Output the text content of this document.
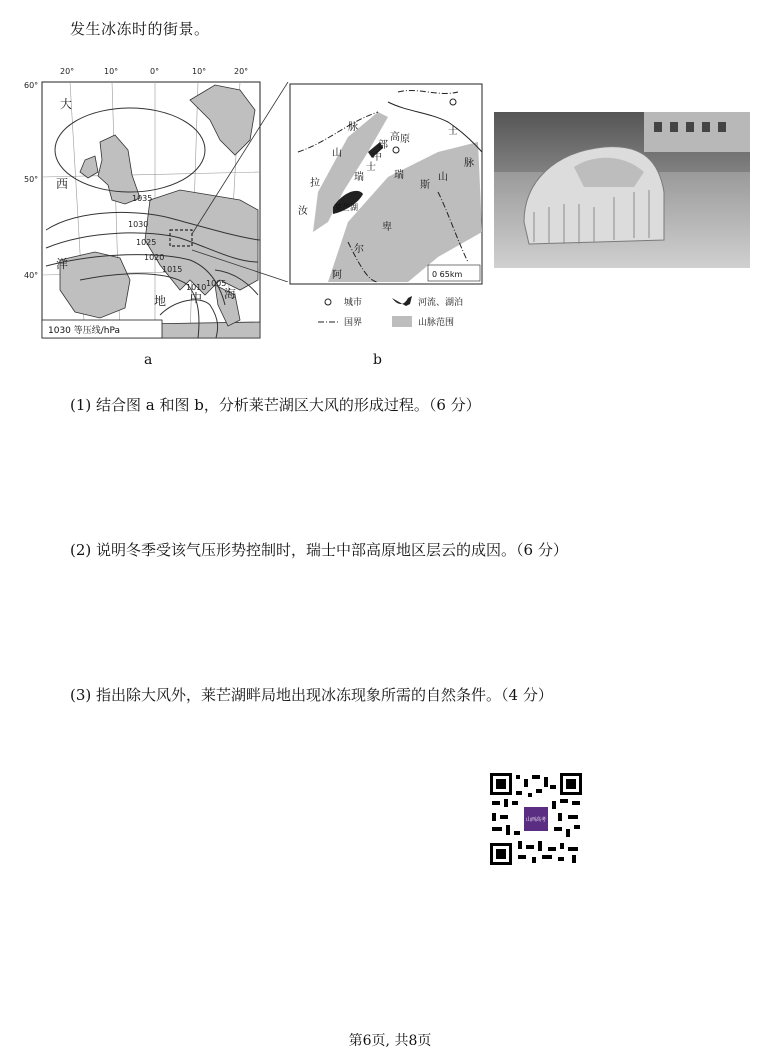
发生冰冻时的街景。
1035
1030
1025
1020
1015
1010 1005
大
西
洋
地 中 海
1030 等压线/hPa
20°	10°	0°	10°	20°
60°
50°
40°
脉
山
拉
汝
瑞
士
中
部
高 原
莱芒湖
瑞
斯
山
脉
卑
尔
阿
士
0 65km
城市	河流、湖泊
国界	山脉范围
a	b
(1) 结合图 a 和图 b，分析莱芒湖区大风的形成过程。（6 分）
(2) 说明冬季受该气压形势控制时，瑞士中部高原地区层云的成因。（6 分）
(3) 指出除大风外，莱芒湖畔局地出现冰冻现象所需的自然条件。（4 分）
山西高考
第6页, 共8页
